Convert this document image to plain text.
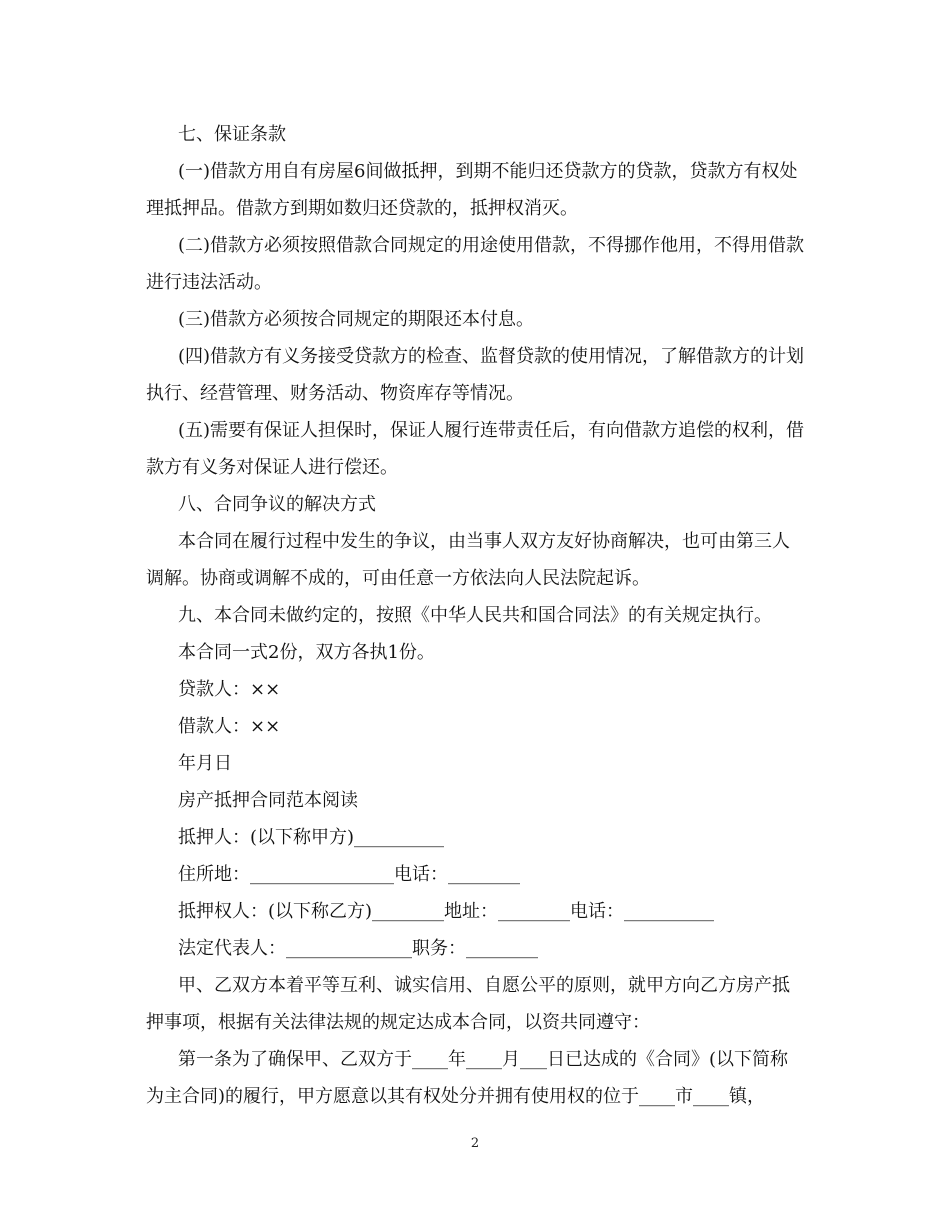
七、保证条款

(一)借款方用自有房屋6间做抵押，到期不能归还贷款方的贷款，贷款方有权处理抵押品。借款方到期如数归还贷款的，抵押权消灭。

(二)借款方必须按照借款合同规定的用途使用借款，不得挪作他用，不得用借款进行违法活动。

(三)借款方必须按合同规定的期限还本付息。

(四)借款方有义务接受贷款方的检查、监督贷款的使用情况，了解借款方的计划执行、经营管理、财务活动、物资库存等情况。

(五)需要有保证人担保时，保证人履行连带责任后，有向借款方追偿的权利，借款方有义务对保证人进行偿还。

八、合同争议的解决方式

本合同在履行过程中发生的争议，由当事人双方友好协商解决，也可由第三人调解。协商或调解不成的，可由任意一方依法向人民法院起诉。

九、本合同未做约定的，按照《中华人民共和国合同法》的有关规定执行。

本合同一式2份，双方各执1份。

贷款人：××

借款人：××

年月日

房产抵押合同范本阅读

抵押人：(以下称甲方)__________

住所地：________________电话：________

抵押权人：(以下称乙方)________地址：________电话：__________

法定代表人：______________职务：________

甲、乙双方本着平等互利、诚实信用、自愿公平的原则，就甲方向乙方房产抵押事项，根据有关法律法规的规定达成本合同，以资共同遵守：

第一条为了确保甲、乙双方于____年____月___日已达成的《合同》(以下简称为主合同)的履行，甲方愿意以其有权处分并拥有使用权的位于____市____镇，

2
